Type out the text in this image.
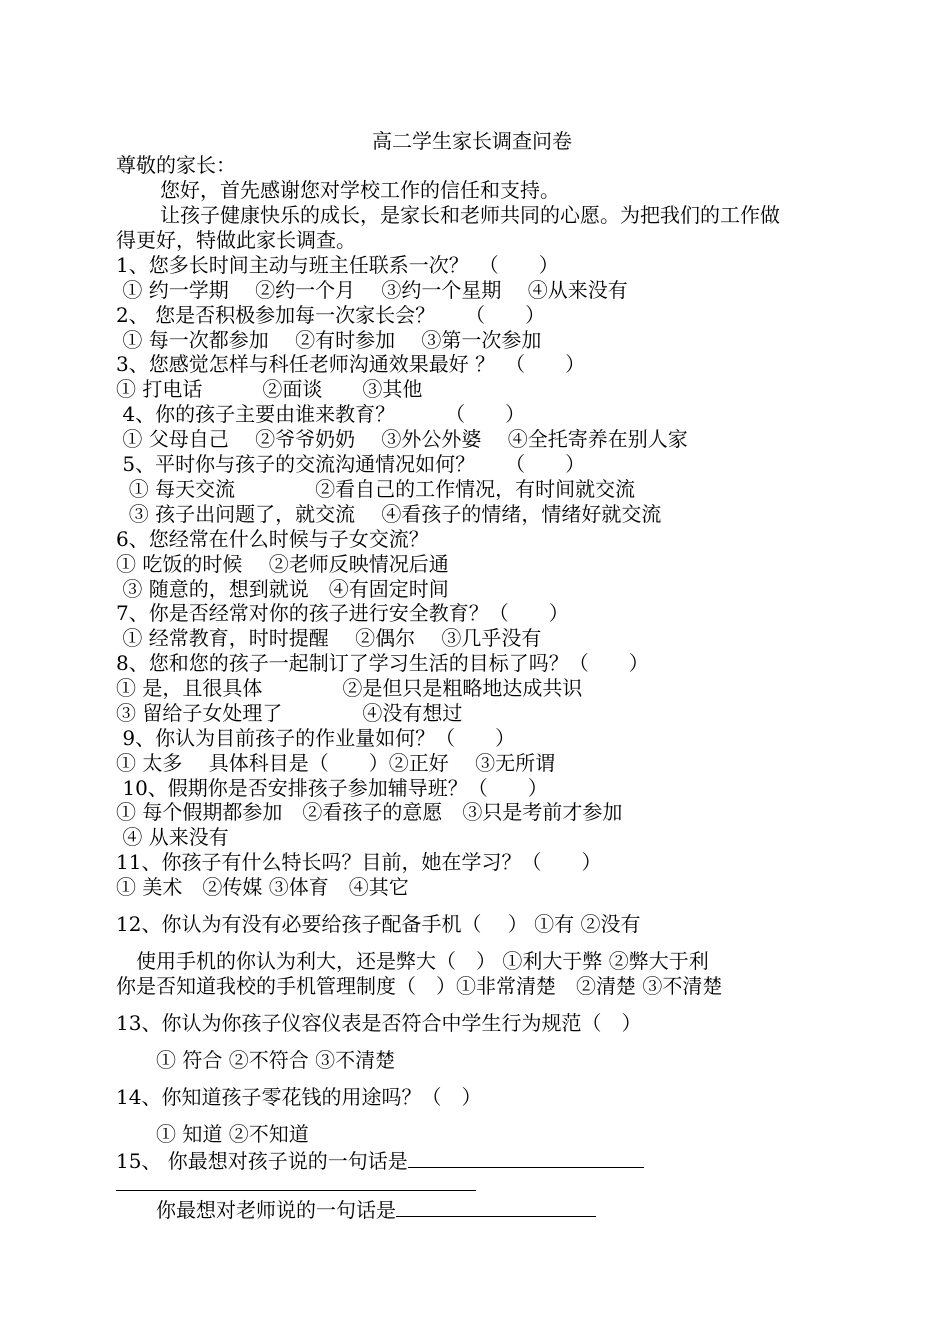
高二学生家长调查问卷
尊敬的家长：
您好，首先感谢您对学校工作的信任和支持。
让孩子健康快乐的成长，是家长和老师共同的心愿。为把我们的工作做
得更好，特做此家长调查。
1、您多长时间主动与班主任联系一次？　（　　）
① 约一学期　 ②约一个月　 ③约一个星期　 ④从来没有
2、 您是否积极参加每一次家长会？　　（　　）
① 每一次都参加　 ②有时参加　 ③第一次参加
3、您感觉怎样与科任老师沟通效果最好 ？　（　　）
① 打电话　　　②面谈　　③其他
4、你的孩子主要由谁来教育？　　　（　　）
① 父母自己　 ②爷爷奶奶　 ③外公外婆　 ④全托寄养在别人家
5、平时你与孩子的交流沟通情况如何？　　（　　）
① 每天交流　　　　②看自己的工作情况，有时间就交流
③ 孩子出问题了，就交流　 ④看孩子的情绪，情绪好就交流
6、您经常在什么时候与子女交流？
① 吃饭的时候　 ②老师反映情况后通
③ 随意的，想到就说　④有固定时间
7、你是否经常对你的孩子进行安全教育？（　　）
① 经常教育，时时提醒　 ②偶尔　 ③几乎没有
8、您和您的孩子一起制订了学习生活的目标了吗？（　　）
① 是，且很具体　　　　②是但只是粗略地达成共识
③ 留给子女处理了　　　　④没有想过
9、你认为目前孩子的作业量如何？（　　）
① 太多　 具体科目是（　　）②正好　 ③无所谓
10、假期你是否安排孩子参加辅导班？（　　）
① 每个假期都参加　②看孩子的意愿　③只是考前才参加
④ 从来没有
11、你孩子有什么特长吗？目前，她在学习？（　　）
① 美术　②传媒 ③体育　④其它
12、你认为有没有必要给孩子配备手机（　 ） ①有 ②没有
　使用手机的你认为利大，还是弊大（　） ①利大于弊 ②弊大于利
你是否知道我校的手机管理制度（　）①非常清楚　②清楚 ③不清楚
13、你认为你孩子仪容仪表是否符合中学生行为规范（　）
　　① 符合 ②不符合 ③不清楚
14、你知道孩子零花钱的用途吗？（　）
　　① 知道 ②不知道
15、 你最想对孩子说的一句话是
　　你最想对老师说的一句话是
